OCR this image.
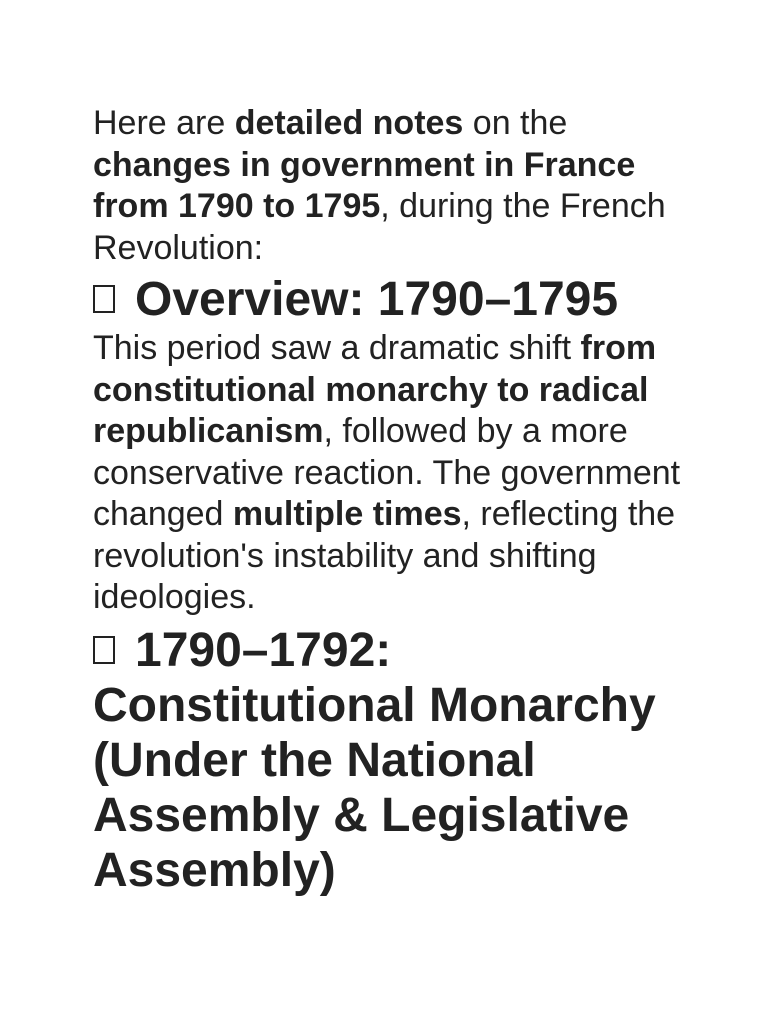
Here are detailed notes on the changes in government in France from 1790 to 1795, during the French Revolution:

Overview: 1790–1795

This period saw a dramatic shift from constitutional monarchy to radical republicanism, followed by a more conservative reaction. The government changed multiple times, reflecting the revolution's instability and shifting ideologies.

1790–1792: Constitutional Monarchy (Under the National Assembly & Legislative Assembly)
